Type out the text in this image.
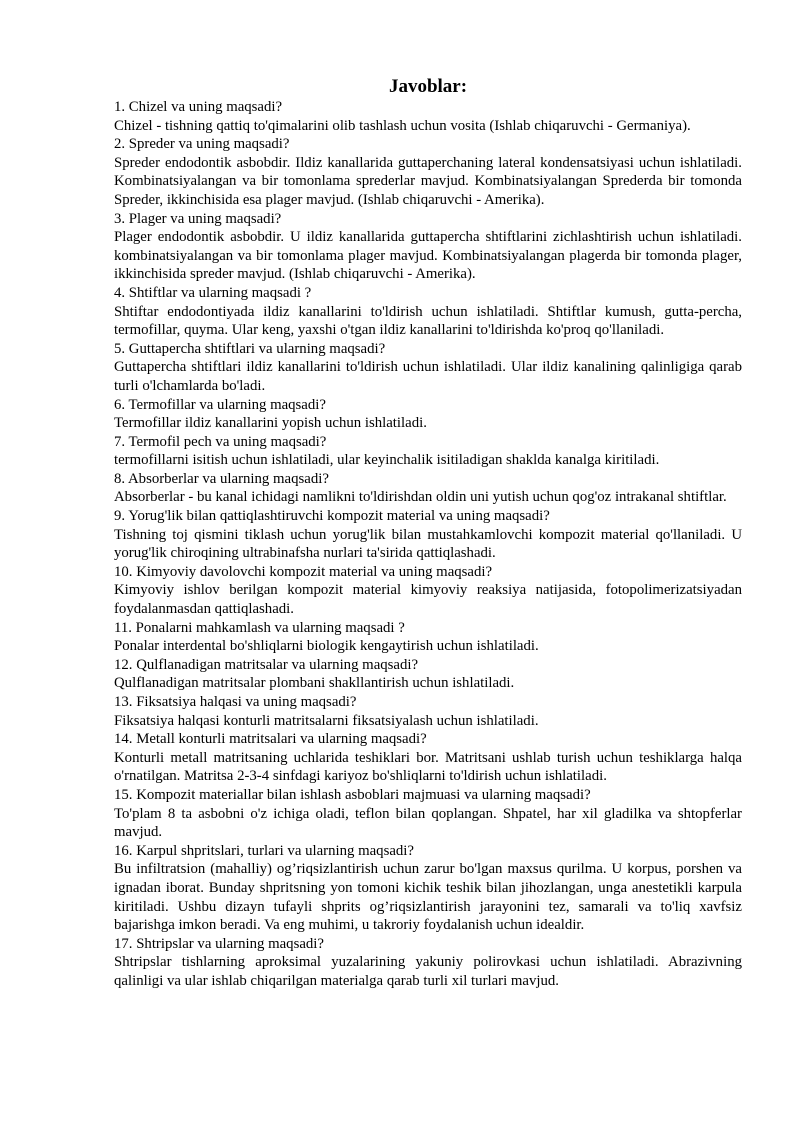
Javoblar:

1. Chizel va uning maqsadi?

Chizel - tishning qattiq to'qimalarini olib tashlash uchun vosita (Ishlab chiqaruvchi - Germaniya).

2. Spreder va uning maqsadi?

Spreder endodontik asbobdir. Ildiz kanallarida guttaperchaning lateral kondensatsiyasi uchun ishlatiladi. Kombinatsiyalangan va bir tomonlama sprederlar mavjud. Kombinatsiyalangan Sprederda bir tomonda Spreder, ikkinchisida esa plager mavjud. (Ishlab chiqaruvchi - Amerika).

3. Plager va uning maqsadi?

Plager endodontik asbobdir. U ildiz kanallarida guttapercha shtiftlarini zichlashtirish uchun ishlatiladi. kombinatsiyalangan va bir tomonlama plager mavjud. Kombinatsiyalangan plagerda bir tomonda plager, ikkinchisida spreder mavjud. (Ishlab chiqaruvchi - Amerika).

4. Shtiftlar va ularning maqsadi ?

Shtiftar endodontiyada ildiz kanallarini to'ldirish uchun ishlatiladi. Shtiftlar kumush, gutta-percha, termofillar, quyma. Ular keng, yaxshi o'tgan ildiz kanallarini to'ldirishda ko'proq qo'llaniladi.

5. Guttapercha shtiftlari va ularning maqsadi?

Guttapercha shtiftlari ildiz kanallarini to'ldirish uchun ishlatiladi. Ular ildiz kanalining qalinligiga qarab turli o'lchamlarda bo'ladi.

6. Termofillar va ularning maqsadi?

Termofillar ildiz kanallarini yopish uchun ishlatiladi.

7. Termofil pech va uning maqsadi?

termofillarni isitish uchun ishlatiladi, ular keyinchalik isitiladigan shaklda kanalga kiritiladi.

8. Absorberlar va ularning maqsadi?

Absorberlar - bu kanal ichidagi namlikni to'ldirishdan oldin uni yutish uchun qog'oz intrakanal shtiftlar.

9. Yorug'lik bilan qattiqlashtiruvchi kompozit material va uning maqsadi?

Tishning toj qismini tiklash uchun yorug'lik bilan mustahkamlovchi kompozit material qo'llaniladi. U yorug'lik chiroqining ultrabinafsha nurlari ta'sirida qattiqlashadi.

10. Kimyoviy davolovchi kompozit material va uning maqsadi?

Kimyoviy ishlov berilgan kompozit material kimyoviy reaksiya natijasida, fotopolimerizatsiyadan foydalanmasdan qattiqlashadi.

11. Ponalarni mahkamlash va ularning maqsadi ?

Ponalar interdental bo'shliqlarni biologik kengaytirish uchun ishlatiladi.

12. Qulflanadigan matritsalar va ularning maqsadi?

Qulflanadigan matritsalar plombani shakllantirish uchun ishlatiladi.

13. Fiksatsiya halqasi va uning maqsadi?

Fiksatsiya halqasi konturli matritsalarni fiksatsiyalash uchun ishlatiladi.

14. Metall konturli matritsalari va ularning maqsadi?

Konturli metall matritsaning uchlarida teshiklari bor. Matritsani ushlab turish uchun teshiklarga halqa o'rnatilgan. Matritsa 2-3-4 sinfdagi kariyoz bo'shliqlarni to'ldirish uchun ishlatiladi.

15. Kompozit materiallar bilan ishlash asboblari majmuasi va ularning maqsadi?

To'plam 8 ta asbobni o'z ichiga oladi, teflon bilan qoplangan. Shpatel, har xil gladilka va shtopferlar mavjud.

16. Karpul shpritslari, turlari va ularning maqsadi?

Bu infiltratsion (mahalliy) og’riqsizlantirish uchun zarur bo'lgan maxsus qurilma. U korpus, porshen va ignadan iborat. Bunday shpritsning yon tomoni kichik teshik bilan jihozlangan, unga anestetikli karpula kiritiladi. Ushbu dizayn tufayli shprits og’riqsizlantirish jarayonini tez, samarali va to'liq xavfsiz bajarishga imkon beradi. Va eng muhimi, u takroriy foydalanish uchun idealdir.

17. Shtripslar va ularning maqsadi?

Shtripslar tishlarning aproksimal yuzalarining yakuniy polirovkasi uchun ishlatiladi. Abrazivning qalinligi va ular ishlab chiqarilgan materialga qarab turli xil turlari mavjud.
